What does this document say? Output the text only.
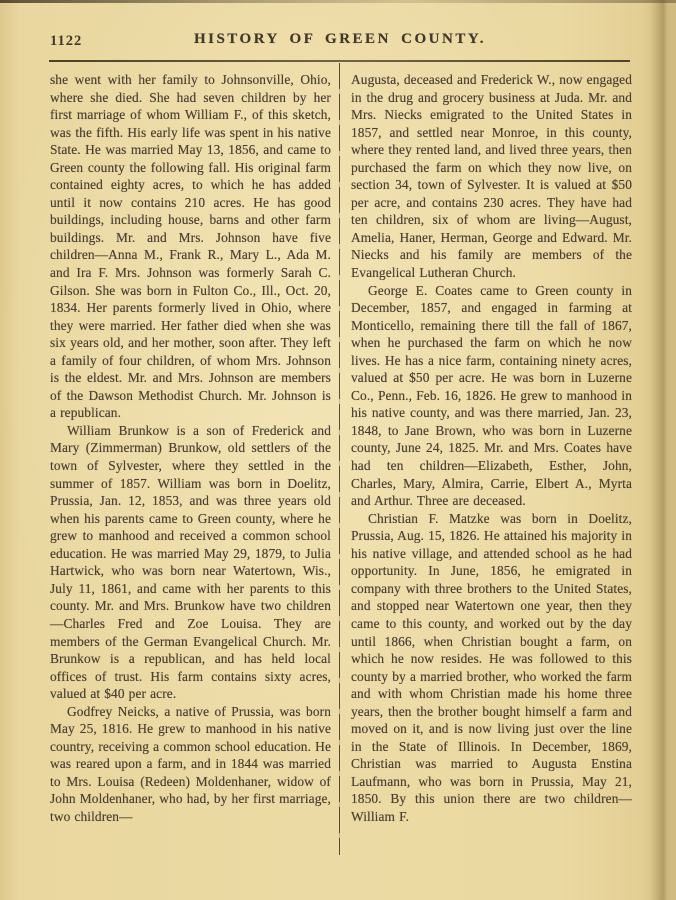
1122	HISTORY OF GREEN COUNTY.

she went with her family to Johnsonville, Ohio, where she died. She had seven children by her first marriage of whom William F., of this sketch, was the fifth. His early life was spent in his native State. He was married May 13, 1856, and came to Green county the following fall. His original farm contained eighty acres, to which he has added until it now contains 210 acres. He has good buildings, including house, barns and other farm buildings. Mr. and Mrs. Johnson have five children—Anna M., Frank R., Mary L., Ada M. and Ira F. Mrs. Johnson was formerly Sarah C. Gilson. She was born in Fulton Co., Ill., Oct. 20, 1834. Her parents formerly lived in Ohio, where they were married. Her father died when she was six years old, and her mother, soon after. They left a family of four children, of whom Mrs. Johnson is the eldest. Mr. and Mrs. Johnson are members of the Dawson Methodist Church. Mr. Johnson is a republican.

William Brunkow is a son of Frederick and Mary (Zimmerman) Brunkow, old settlers of the town of Sylvester, where they settled in the summer of 1857. William was born in Doelitz, Prussia, Jan. 12, 1853, and was three years old when his parents came to Green county, where he grew to manhood and received a common school education. He was married May 29, 1879, to Julia Hartwick, who was born near Watertown, Wis., July 11, 1861, and came with her parents to this county. Mr. and Mrs. Brunkow have two children—Charles Fred and Zoe Louisa. They are members of the German Evangelical Church. Mr. Brunkow is a republican, and has held local offices of trust. His farm contains sixty acres, valued at $40 per acre.

Godfrey Neicks, a native of Prussia, was born May 25, 1816. He grew to manhood in his native country, receiving a common school education. He was reared upon a farm, and in 1844 was married to Mrs. Louisa (Redeen) Moldenhaner, widow of John Moldenhaner, who had, by her first marriage, two children—

Augusta, deceased and Frederick W., now engaged in the drug and grocery business at Juda. Mr. and Mrs. Niecks emigrated to the United States in 1857, and settled near Monroe, in this county, where they rented land, and lived three years, then purchased the farm on which they now live, on section 34, town of Sylvester. It is valued at $50 per acre, and contains 230 acres. They have had ten children, six of whom are living—August, Amelia, Haner, Herman, George and Edward. Mr. Niecks and his family are members of the Evangelical Lutheran Church.

George E. Coates came to Green county in December, 1857, and engaged in farming at Monticello, remaining there till the fall of 1867, when he purchased the farm on which he now lives. He has a nice farm, containing ninety acres, valued at $50 per acre. He was born in Luzerne Co., Penn., Feb. 16, 1826. He grew to manhood in his native county, and was there married, Jan. 23, 1848, to Jane Brown, who was born in Luzerne county, June 24, 1825. Mr. and Mrs. Coates have had ten children—Elizabeth, Esther, John, Charles, Mary, Almira, Carrie, Elbert A., Myrta and Arthur. Three are deceased.

Christian F. Matzke was born in Doelitz, Prussia, Aug. 15, 1826. He attained his majority in his native village, and attended school as he had opportunity. In June, 1856, he emigrated in company with three brothers to the United States, and stopped near Watertown one year, then they came to this county, and worked out by the day until 1866, when Christian bought a farm, on which he now resides. He was followed to this county by a married brother, who worked the farm and with whom Christian made his home three years, then the brother bought himself a farm and moved on it, and is now living just over the line in the State of Illinois. In December, 1869, Christian was married to Augusta Enstina Laufmann, who was born in Prussia, May 21, 1850. By this union there are two children—William F.
